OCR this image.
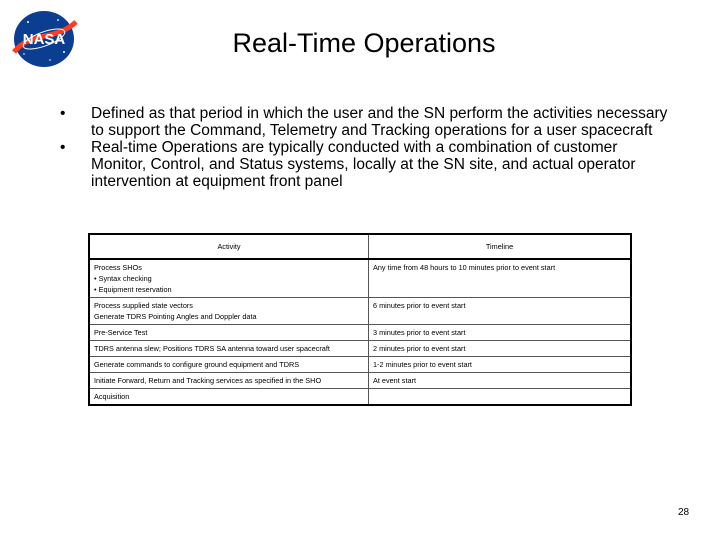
NASA	Real-Time Operations
•	Defined as that period in which the user and the SN perform the activities necessary to support the Command, Telemetry and Tracking operations for a user spacecraft
•	Real-time Operations are typically conducted with a combination of customer Monitor, Control, and Status systems, locally at the SN site, and actual operator intervention at equipment front panel
Activity	Timeline

Process SHOs
• Syntax checking
• Equipment reservation	Any time from 48 hours to 10 minutes prior to event start

Process supplied state vectors
Generate TDRS Pointing Angles and Doppler data	6 minutes prior to event start
Pre-Service Test	3 minutes prior to event start
TDRS antenna slew; Positions TDRS SA antenna toward user spacecraft	2 minutes prior to event start
Generate commands to configure ground equipment and TDRS	1-2 minutes prior to event start
Initiate Forward, Return and Tracking services as specified in the SHO	At event start
Acquisition	
28
